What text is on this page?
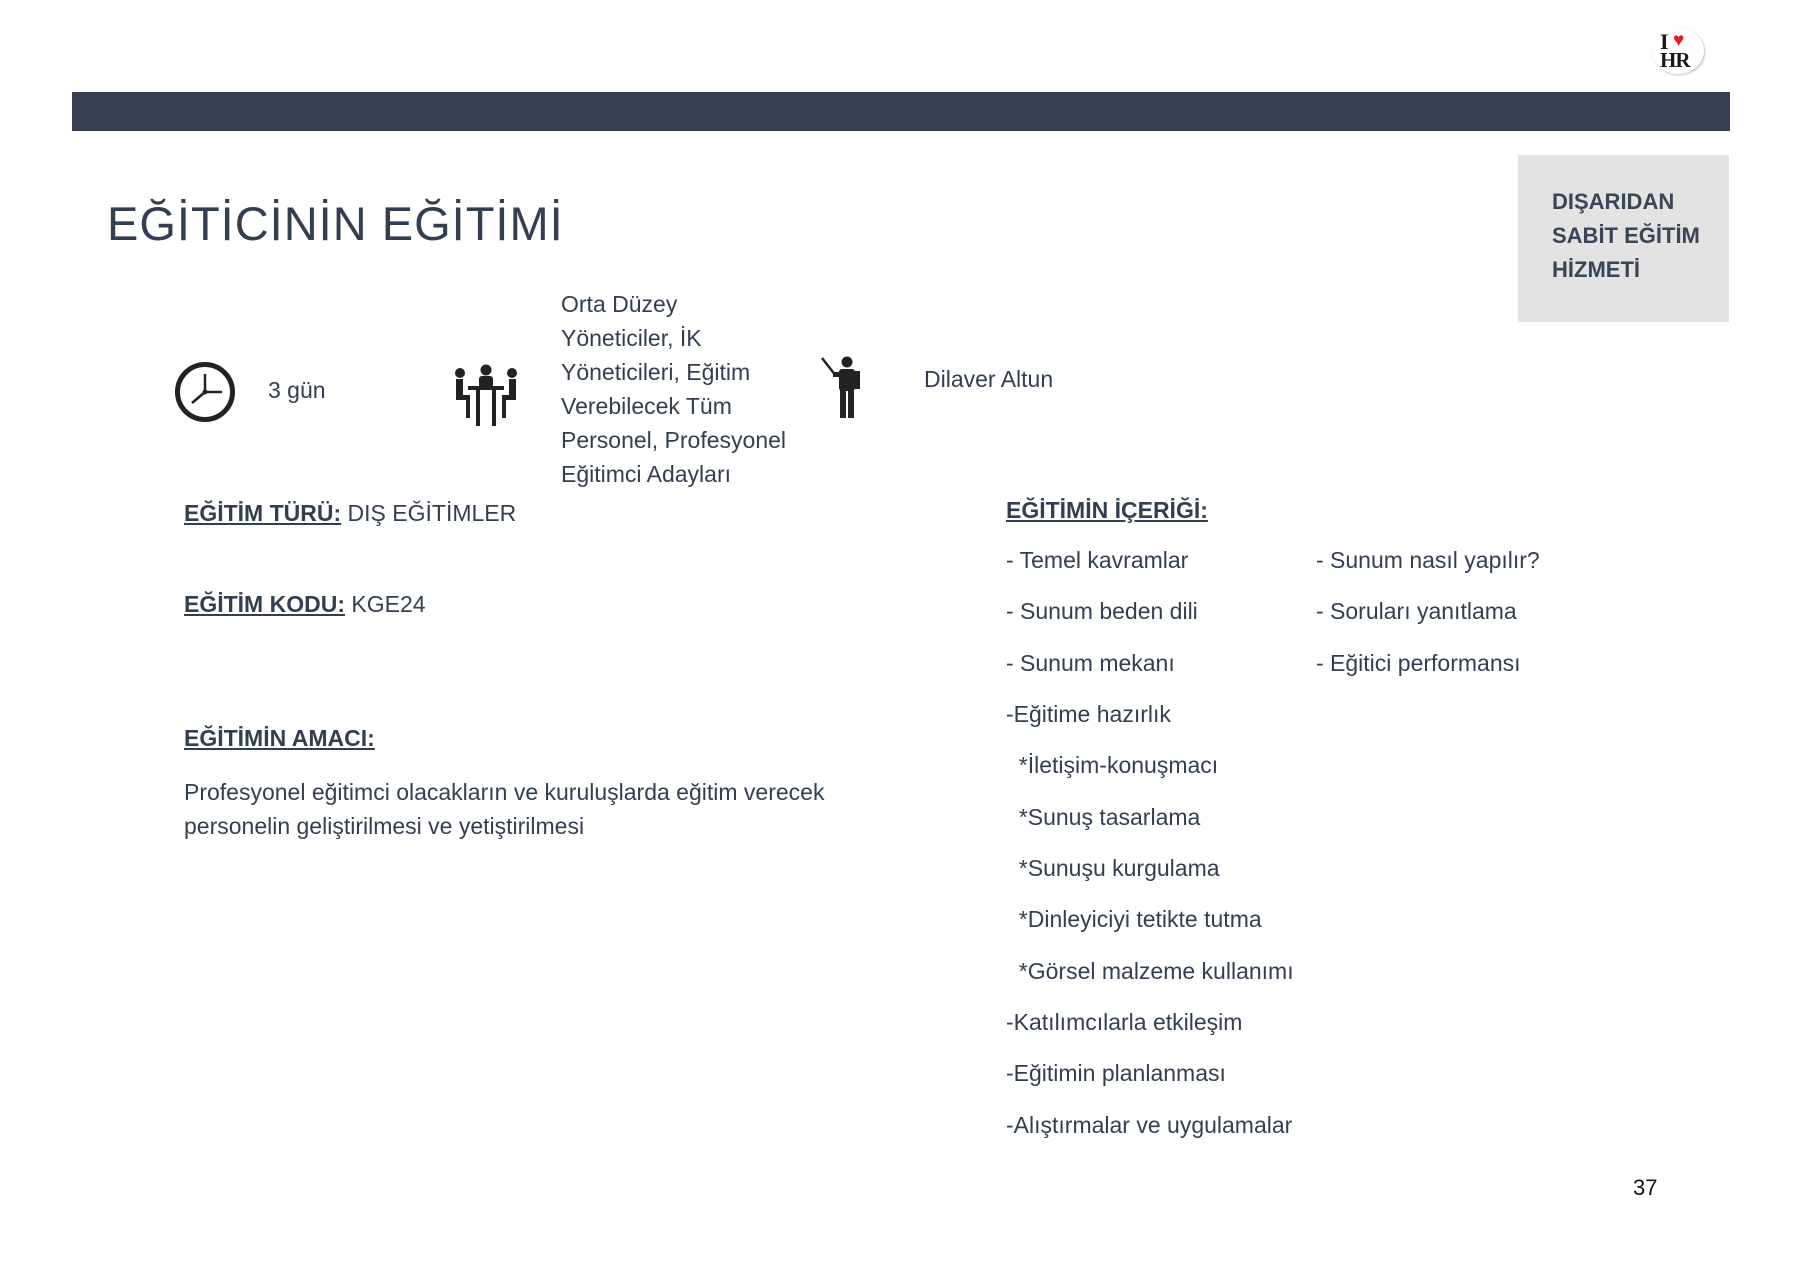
I ♥
HR
DIŞARIDAN
SABİT EĞİTİM
HİZMETİ
EĞİTİCİNİN EĞİTİMİ
3 gün
Orta Düzey
Yöneticiler, İK
Yöneticileri, Eğitim
Verebilecek Tüm
Personel, Profesyonel
Eğitimci Adayları
Dilaver Altun
EĞİTİM TÜRÜ: DIŞ EĞİTİMLER
EĞİTİM KODU: KGE24
EĞİTİMİN AMACI:
Profesyonel eğitimci olacakların ve kuruluşlarda eğitim verecek
personelin geliştirilmesi ve yetiştirilmesi
EĞİTİMİN İÇERİĞİ:
- Temel kavramlar
- Sunum beden dili
- Sunum mekanı
-Eğitime hazırlık
*İletişim-konuşmacı
*Sunuş tasarlama
*Sunuşu kurgulama
*Dinleyiciyi tetikte tutma
*Görsel malzeme kullanımı
-Katılımcılarla etkileşim
-Eğitimin planlanması
-Alıştırmalar ve uygulamalar
- Sunum nasıl yapılır?
- Soruları yanıtlama
- Eğitici performansı
37
